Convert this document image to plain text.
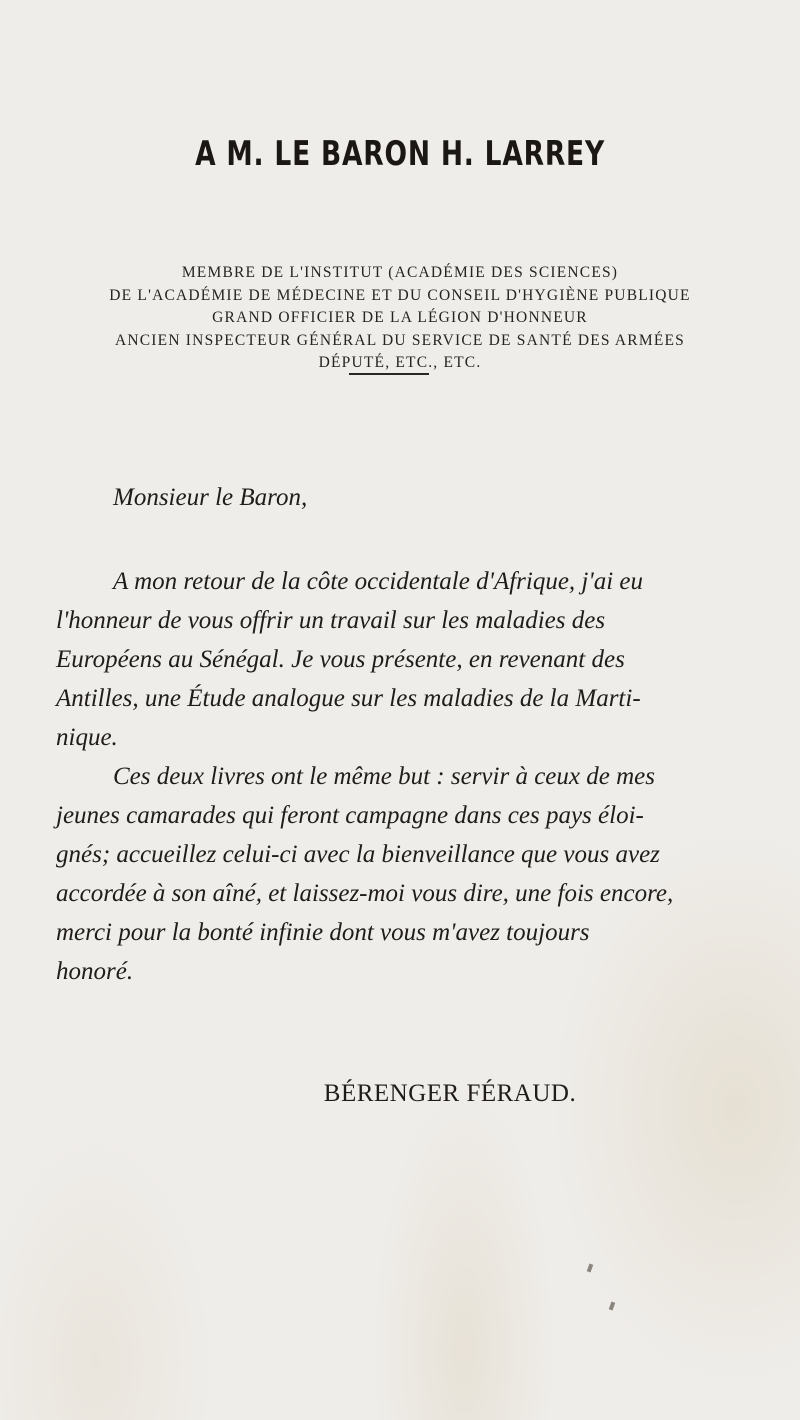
A M. LE BARON H. LARREY
MEMBRE DE L'INSTITUT (ACADÉMIE DES SCIENCES)
DE L'ACADÉMIE DE MÉDECINE ET DU CONSEIL D'HYGIÈNE PUBLIQUE
GRAND OFFICIER DE LA LÉGION D'HONNEUR
ANCIEN INSPECTEUR GÉNÉRAL DU SERVICE DE SANTÉ DES ARMÉES
DÉPUTÉ, ETC., ETC.
Monsieur le Baron,
A mon retour de la côte occidentale d'Afrique, j'ai eu
l'honneur de vous offrir un travail sur les maladies des
Européens au Sénégal. Je vous présente, en revenant des
Antilles, une Étude analogue sur les maladies de la Marti-
nique.
Ces deux livres ont le même but : servir à ceux de mes
jeunes camarades qui feront campagne dans ces pays éloi-
gnés; accueillez celui-ci avec la bienveillance que vous avez
accordée à son aîné, et laissez-moi vous dire, une fois encore,
merci pour la bonté infinie dont vous m'avez toujours
honoré.
BÉRENGER FÉRAUD.
